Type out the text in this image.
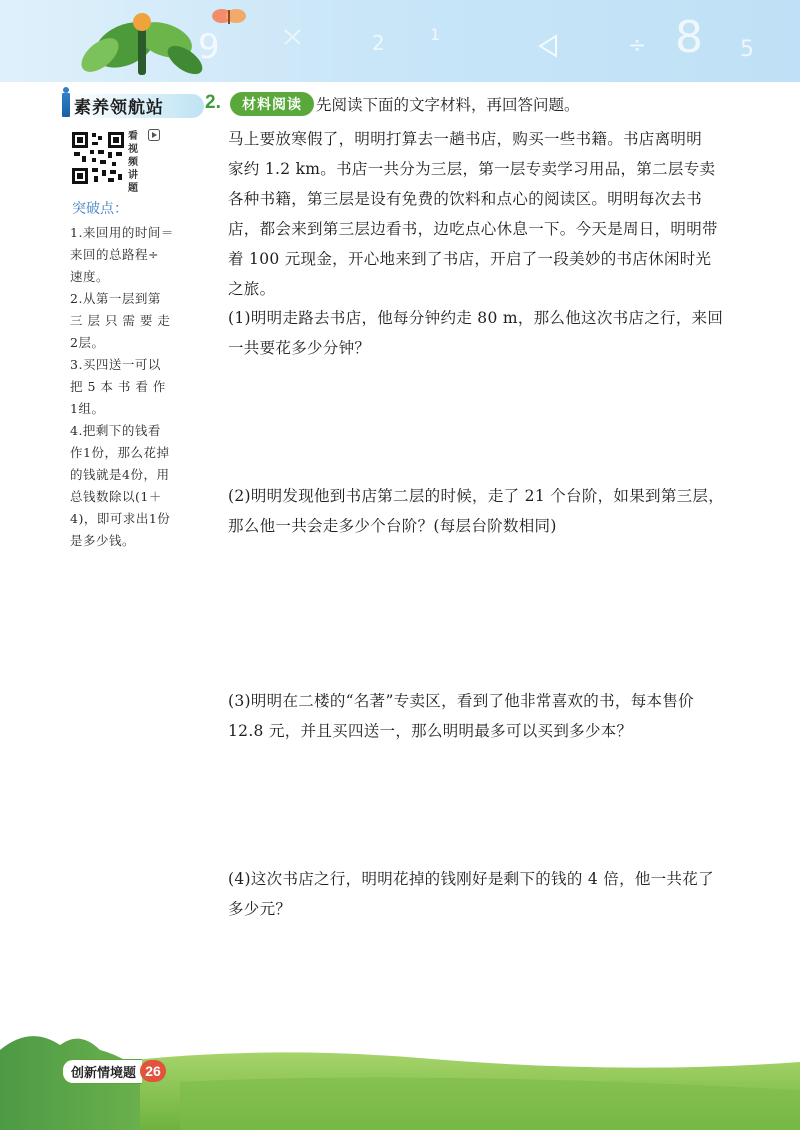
9	2	1	÷ 8 5
素养领航站
看
视
频
讲
题
突破点：
1.来回用的时间＝
来回的总路程÷
速度。
2.从第一层到第
三 层 只 需 要 走
2层。
3.买四送一可以
把 5 本 书 看 作
1组。
4.把剩下的钱看
作1份，那么花掉
的钱就是4份，用
总钱数除以(1＋
4)，即可求出1份
是多少钱。
2.	材料阅读 先阅读下面的文字材料，再回答问题。
马上要放寒假了，明明打算去一趟书店，购买一些书籍。书店离明明
家约 1.2 km。书店一共分为三层，第一层专卖学习用品，第二层专卖
各种书籍，第三层是设有免费的饮料和点心的阅读区。明明每次去书
店，都会来到第三层边看书，边吃点心休息一下。今天是周日，明明带
着 100 元现金，开心地来到了书店，开启了一段美妙的书店休闲时光
之旅。
(1)明明走路去书店，他每分钟约走 80 m，那么他这次书店之行，来回
一共要花多少分钟？
(2)明明发现他到书店第二层的时候，走了 21 个台阶，如果到第三层，
那么他一共会走多少个台阶？(每层台阶数相同)
(3)明明在二楼的“名著”专卖区，看到了他非常喜欢的书，每本售价
12.8 元，并且买四送一，那么明明最多可以买到多少本？
(4)这次书店之行，明明花掉的钱刚好是剩下的钱的 4 倍，他一共花了
多少元？
创新情境题 26
